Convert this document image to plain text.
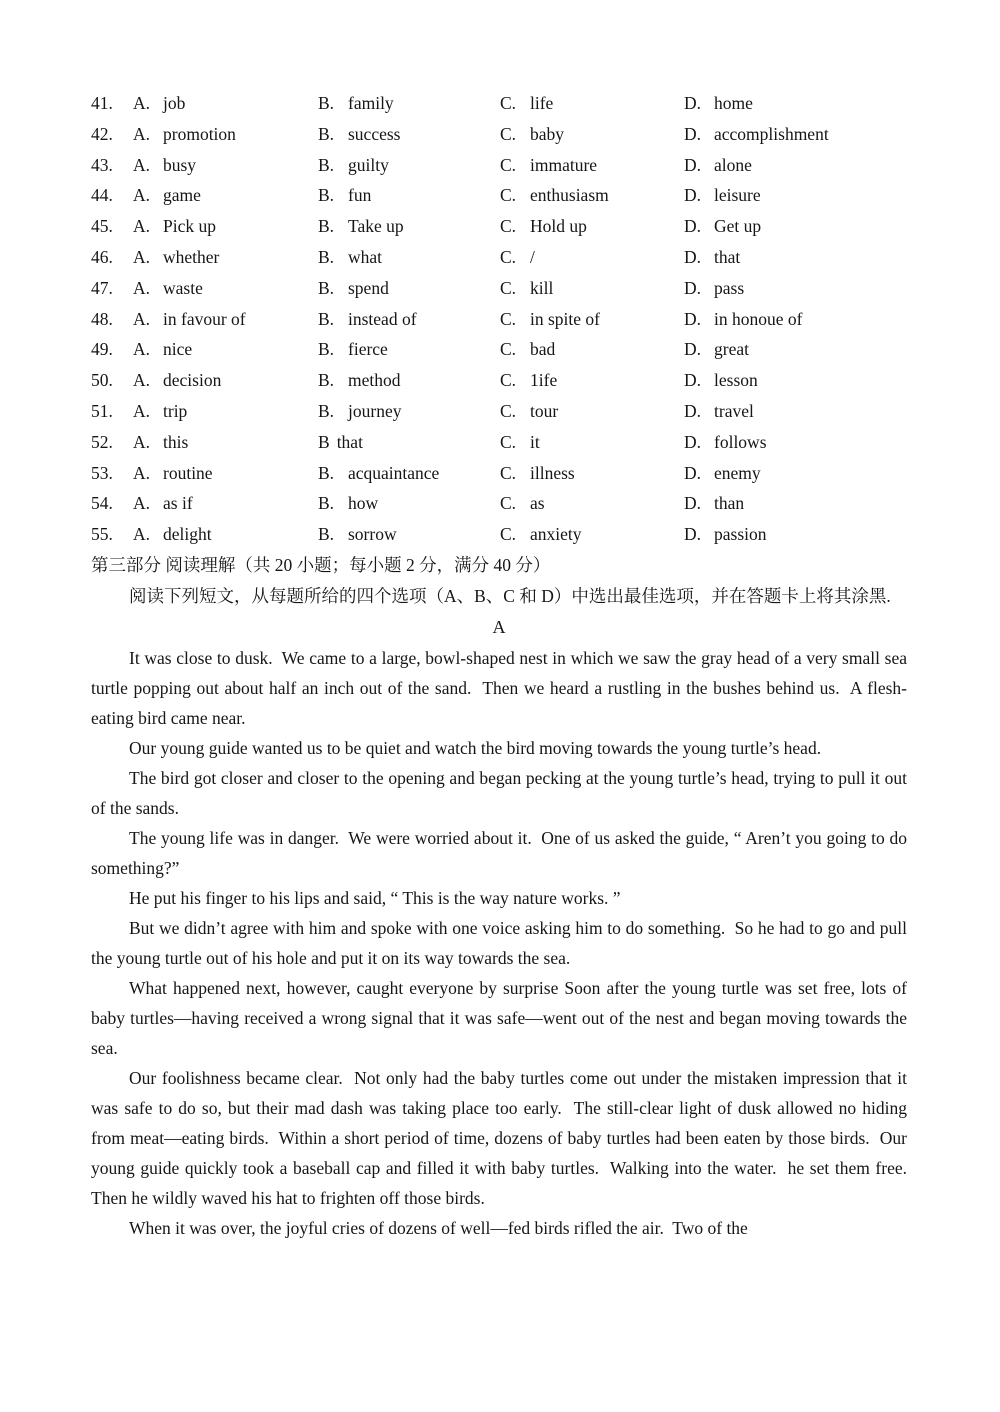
41.	A. job	B. family	C. life	D. home
42.	A. promotion	B. success	C. baby	D. accomplishment
43.	A. busy	B. guilty	C. immature	D. alone
44.	A. game	B. fun	C. enthusiasm	D. leisure
45.	A. Pick up	B. Take up	C. Hold up	D. Get up
46.	A. whether	B. what	C. /	D. that
47.	A. waste	B. spend	C. kill	D. pass
48.	A. in favour of	B. instead of	C. in spite of	D. in honoue of
49.	A. nice	B. fierce	C. bad	D. great
50.	A. decision	B. method	C. 1ife	D. lesson
51.	A. trip	B. journey	C. tour	D. travel
52.	A. this	B that	C. it	D. follows
53.	A. routine	B. acquaintance	C. illness	D. enemy
54.	A. as if	B. how	C. as	D. than
55.	A. delight	B. sorrow	C. anxiety	D. passion
第三部分 阅读理解（共 20 小题；每小题 2 分，满分 40 分）

阅读下列短文，从每题所给的四个选项（A、B、C 和 D）中选出最佳选项，并在答题卡上将其涂黑.

A

It was close to dusk.  We came to a large, bowl-shaped nest in which we saw the gray head of a very small sea turtle popping out about half an inch out of the sand.  Then we heard a rustling in the bushes behind us.  A flesh-eating bird came near.

Our young guide wanted us to be quiet and watch the bird moving towards the young turtle’s head.

The bird got closer and closer to the opening and began pecking at the young turtle’s head, trying to pull it out of the sands.

The young life was in danger.  We were worried about it.  One of us asked the guide, “ Aren’t you going to do something?”

He put his finger to his lips and said, “ This is the way nature works. ”

But we didn’t agree with him and spoke with one voice asking him to do something.  So he had to go and pull the young turtle out of his hole and put it on its way towards the sea.

What happened next, however, caught everyone by surprise Soon after the young turtle was set free, lots of baby turtles—having received a wrong signal that it was safe—went out of the nest and began moving towards the sea.

Our foolishness became clear.  Not only had the baby turtles come out under the mistaken impression that it was safe to do so, but their mad dash was taking place too early.  The still-clear light of dusk allowed no hiding from meat—eating birds.  Within a short period of time, dozens of baby turtles had been eaten by those birds.  Our young guide quickly took a baseball cap and filled it with baby turtles.  Walking into the water.  he set them free.  Then he wildly waved his hat to frighten off those birds.

When it was over, the joyful cries of dozens of well—fed birds rifled the air.  Two of the
